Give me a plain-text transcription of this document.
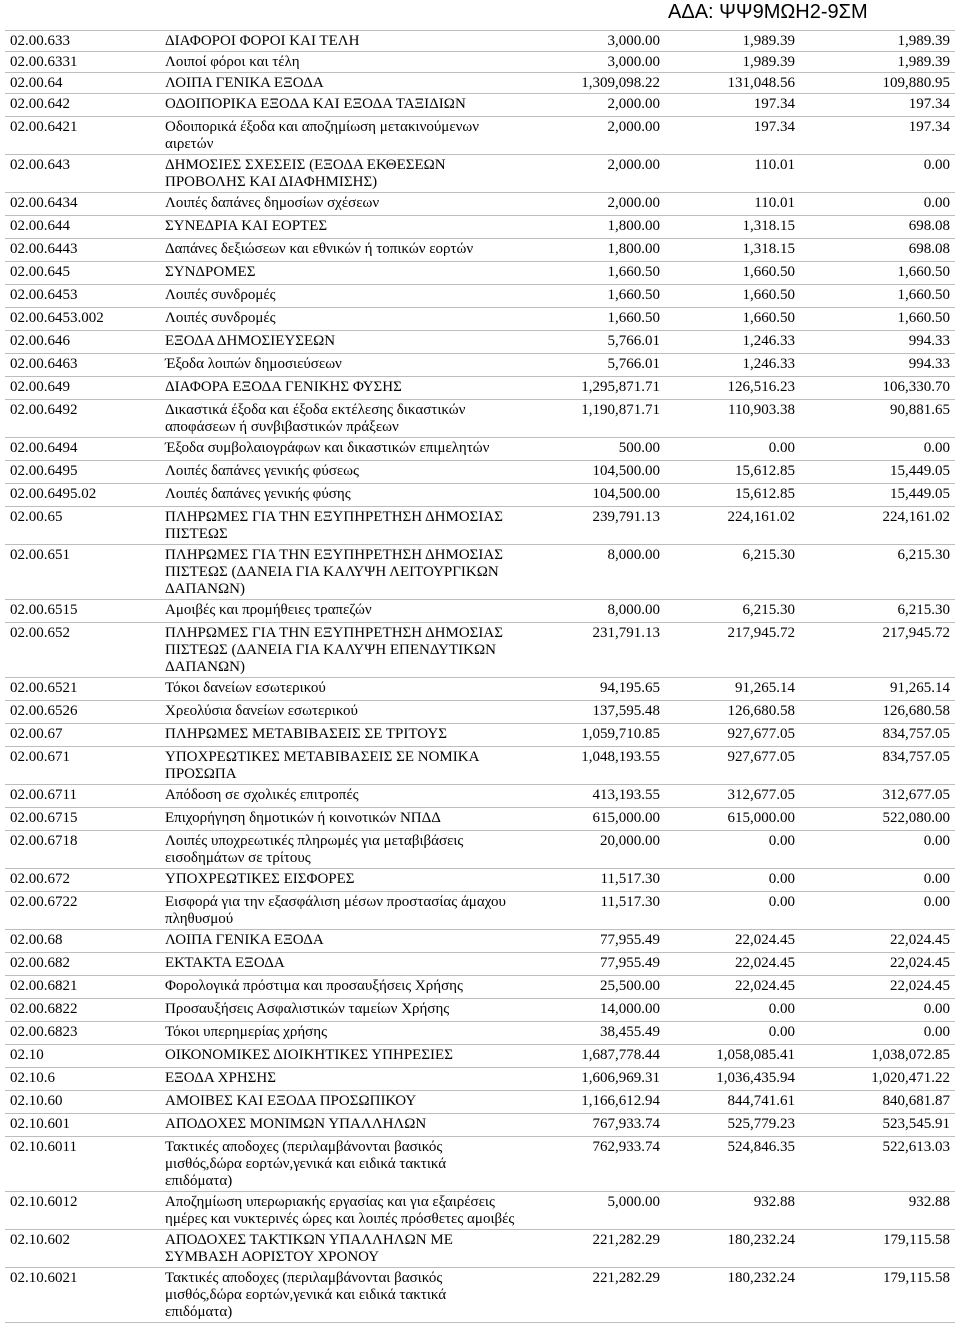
ΑΔΑ: ΨΨ9ΜΩΗ2-9ΣΜ
02.00.633	ΔΙΑΦΟΡΟΙ ΦΟΡΟΙ ΚΑΙ ΤΕΛΗ	3,000.00	1,989.39	1,989.39
02.00.6331	Λοιποί φόροι και τέλη	3,000.00	1,989.39	1,989.39
02.00.64	ΛΟΙΠΑ ΓΕΝΙΚΑ ΕΞΟΔΑ	1,309,098.22	131,048.56	109,880.95
02.00.642	ΟΔΟΙΠΟΡΙΚΑ ΕΞΟΔΑ ΚΑΙ ΕΞΟΔΑ ΤΑΞΙΔΙΩΝ	2,000.00	197.34	197.34
02.00.6421	Οδοιπορικά έξοδα και αποζημίωση μετακινούμενων
αιρετών	2,000.00	197.34	197.34
02.00.643	ΔΗΜΟΣΙΕΣ ΣΧΕΣΕΙΣ (ΕΞΟΔΑ ΕΚΘΕΣΕΩΝ
ΠΡΟΒΟΛΗΣ ΚΑΙ ΔΙΑΦΗΜΙΣΗΣ)	2,000.00	110.01	0.00
02.00.6434	Λοιπές δαπάνες δημοσίων σχέσεων	2,000.00	110.01	0.00
02.00.644	ΣΥΝΕΔΡΙΑ ΚΑΙ ΕΟΡΤΕΣ	1,800.00	1,318.15	698.08
02.00.6443	Δαπάνες δεξιώσεων και εθνικών ή τοπικών εορτών	1,800.00	1,318.15	698.08
02.00.645	ΣΥΝΔΡΟΜΕΣ	1,660.50	1,660.50	1,660.50
02.00.6453	Λοιπές συνδρομές	1,660.50	1,660.50	1,660.50
02.00.6453.002	Λοιπές συνδρομές	1,660.50	1,660.50	1,660.50
02.00.646	ΕΞΟΔΑ ΔΗΜΟΣΙΕΥΣΕΩΝ	5,766.01	1,246.33	994.33
02.00.6463	Έξοδα λοιπών δημοσιεύσεων	5,766.01	1,246.33	994.33
02.00.649	ΔΙΑΦΟΡΑ ΕΞΟΔΑ ΓΕΝΙΚΗΣ ΦΥΣΗΣ	1,295,871.71	126,516.23	106,330.70
02.00.6492	Δικαστικά έξοδα και έξοδα εκτέλεσης δικαστικών
αποφάσεων ή συνβιβαστικών πράξεων	1,190,871.71	110,903.38	90,881.65
02.00.6494	Έξοδα συμβολαιογράφων και δικαστικών επιμελητών	500.00	0.00	0.00
02.00.6495	Λοιπές δαπάνες γενικής φύσεως	104,500.00	15,612.85	15,449.05
02.00.6495.02	Λοιπές δαπάνες γενικής φύσης	104,500.00	15,612.85	15,449.05
02.00.65	ΠΛΗΡΩΜΕΣ ΓΙΑ ΤΗΝ ΕΞΥΠΗΡΕΤΗΣΗ ΔΗΜΟΣΙΑΣ
ΠΙΣΤΕΩΣ	239,791.13	224,161.02	224,161.02
02.00.651	ΠΛΗΡΩΜΕΣ ΓΙΑ ΤΗΝ ΕΞΥΠΗΡΕΤΗΣΗ ΔΗΜΟΣΙΑΣ
ΠΙΣΤΕΩΣ (ΔΑΝΕΙΑ ΓΙΑ ΚΑΛΥΨΗ ΛΕΙΤΟΥΡΓΙΚΩΝ
ΔΑΠΑΝΩΝ)	8,000.00	6,215.30	6,215.30
02.00.6515	Αμοιβές και προμήθειες τραπεζών	8,000.00	6,215.30	6,215.30
02.00.652	ΠΛΗΡΩΜΕΣ ΓΙΑ ΤΗΝ ΕΞΥΠΗΡΕΤΗΣΗ ΔΗΜΟΣΙΑΣ
ΠΙΣΤΕΩΣ (ΔΑΝΕΙΑ ΓΙΑ ΚΑΛΥΨΗ ΕΠΕΝΔΥΤΙΚΩΝ
ΔΑΠΑΝΩΝ)	231,791.13	217,945.72	217,945.72
02.00.6521	Τόκοι δανείων εσωτερικού	94,195.65	91,265.14	91,265.14
02.00.6526	Χρεολύσια δανείων εσωτερικού	137,595.48	126,680.58	126,680.58
02.00.67	ΠΛΗΡΩΜΕΣ ΜΕΤΑΒΙΒΑΣΕΙΣ ΣΕ ΤΡΙΤΟΥΣ	1,059,710.85	927,677.05	834,757.05
02.00.671	ΥΠΟΧΡΕΩΤΙΚΕΣ ΜΕΤΑΒΙΒΑΣΕΙΣ ΣΕ ΝΟΜΙΚΑ
ΠΡΟΣΩΠΑ	1,048,193.55	927,677.05	834,757.05
02.00.6711	Απόδοση σε σχολικές επιτροπές	413,193.55	312,677.05	312,677.05
02.00.6715	Επιχορήγηση δημοτικών ή κοινοτικών ΝΠΔΔ	615,000.00	615,000.00	522,080.00
02.00.6718	Λοιπές υποχρεωτικές πληρωμές για μεταβιβάσεις
εισοδημάτων σε τρίτους	20,000.00	0.00	0.00
02.00.672	ΥΠΟΧΡΕΩΤΙΚΕΣ ΕΙΣΦΟΡΕΣ	11,517.30	0.00	0.00
02.00.6722	Εισφορά για την εξασφάλιση μέσων προστασίας άμαχου
πληθυσμού	11,517.30	0.00	0.00
02.00.68	ΛΟΙΠΑ ΓΕΝΙΚΑ ΕΞΟΔΑ	77,955.49	22,024.45	22,024.45
02.00.682	ΕΚΤΑΚΤΑ ΕΞΟΔΑ	77,955.49	22,024.45	22,024.45
02.00.6821	Φορολογικά πρόστιμα και προσαυξήσεις Χρήσης	25,500.00	22,024.45	22,024.45
02.00.6822	Προσαυξήσεις Ασφαλιστικών ταμείων Χρήσης	14,000.00	0.00	0.00
02.00.6823	Τόκοι υπερημερίας χρήσης	38,455.49	0.00	0.00
02.10	ΟΙΚΟΝΟΜΙΚΕΣ ΔΙΟΙΚΗΤΙΚΕΣ ΥΠΗΡΕΣΙΕΣ	1,687,778.44	1,058,085.41	1,038,072.85
02.10.6	ΕΞΟΔΑ ΧΡΗΣΗΣ	1,606,969.31	1,036,435.94	1,020,471.22
02.10.60	ΑΜΟΙΒΕΣ ΚΑΙ ΕΞΟΔΑ ΠΡΟΣΩΠΙΚΟΥ	1,166,612.94	844,741.61	840,681.87
02.10.601	ΑΠΟΔΟΧΕΣ ΜΟΝΙΜΩΝ ΥΠΑΛΛΗΛΩΝ	767,933.74	525,779.23	523,545.91
02.10.6011	Τακτικές αποδοχες (περιλαμβάνονται βασικός
μισθός,δώρα εορτών,γενικά και ειδικά τακτικά
επιδόματα)	762,933.74	524,846.35	522,613.03
02.10.6012	Αποζημίωση υπερωριακής εργασίας και για εξαιρέσεις
ημέρες και νυκτερινές ώρες και λοιπές πρόσθετες αμοιβές	5,000.00	932.88	932.88
02.10.602	ΑΠΟΔΟΧΕΣ ΤΑΚΤΙΚΩΝ ΥΠΑΛΛΗΛΩΝ ΜΕ
ΣΥΜΒΑΣΗ ΑΟΡΙΣΤΟΥ ΧΡΟΝΟΥ	221,282.29	180,232.24	179,115.58
02.10.6021	Τακτικές αποδοχες (περιλαμβάνονται βασικός
μισθός,δώρα εορτών,γενικά και ειδικά τακτικά
επιδόματα)	221,282.29	180,232.24	179,115.58
